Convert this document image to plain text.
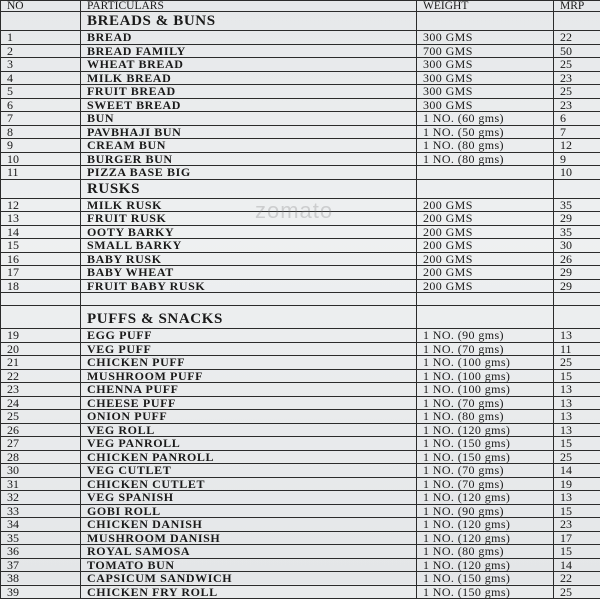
NO	PARTICULARS	WEIGHT	MRP
	BREADS & BUNS		
1	BREAD	300 GMS	22
2	BREAD FAMILY	700 GMS	50
3	WHEAT BREAD	300 GMS	25
4	MILK BREAD	300 GMS	23
5	FRUIT BREAD	300 GMS	25
6	SWEET BREAD	300 GMS	23
7	BUN	1 NO. (60 gms)	6
8	PAVBHAJI BUN	1 NO. (50 gms)	7
9	CREAM BUN	1 NO. (80 gms)	12
10	BURGER BUN	1 NO. (80 gms)	9
11	PIZZA BASE BIG		10
	RUSKS		
12	MILK RUSK	200 GMS	35
13	FRUIT RUSK	200 GMS	29
14	OOTY BARKY	200 GMS	35
15	SMALL BARKY	200 GMS	30
16	BABY RUSK	200 GMS	26
17	BABY WHEAT	200 GMS	29
18	FRUIT BABY RUSK	200 GMS	29

	PUFFS & SNACKS		
19	EGG PUFF	1 NO. (90 gms)	13
20	VEG PUFF	1 NO. (70 gms)	11
21	CHICKEN PUFF	1 NO. (100 gms)	25
22	MUSHROOM PUFF	1 NO. (100 gms)	15
23	CHENNA PUFF	1 NO. (100 gms)	13
24	CHEESE PUFF	1 NO. (70 gms)	13
25	ONION PUFF	1 NO. (80 gms)	13
26	VEG ROLL	1 NO. (120 gms)	13
27	VEG PANROLL	1 NO. (150 gms)	15
28	CHICKEN PANROLL	1 NO. (150 gms)	25
30	VEG CUTLET	1 NO. (70 gms)	14
31	CHICKEN CUTLET	1 NO. (70 gms)	19
32	VEG SPANISH	1 NO. (120 gms)	13
33	GOBI ROLL	1 NO. (90 gms)	15
34	CHICKEN DANISH	1 NO. (120 gms)	23
35	MUSHROOM DANISH	1 NO. (120 gms)	17
36	ROYAL SAMOSA	1 NO. (80 gms)	15
37	TOMATO BUN	1 NO. (120 gms)	14
38	CAPSICUM SANDWICH	1 NO. (150 gms)	22
39	CHICKEN FRY ROLL	1 NO. (150 gms)	25
zomato
